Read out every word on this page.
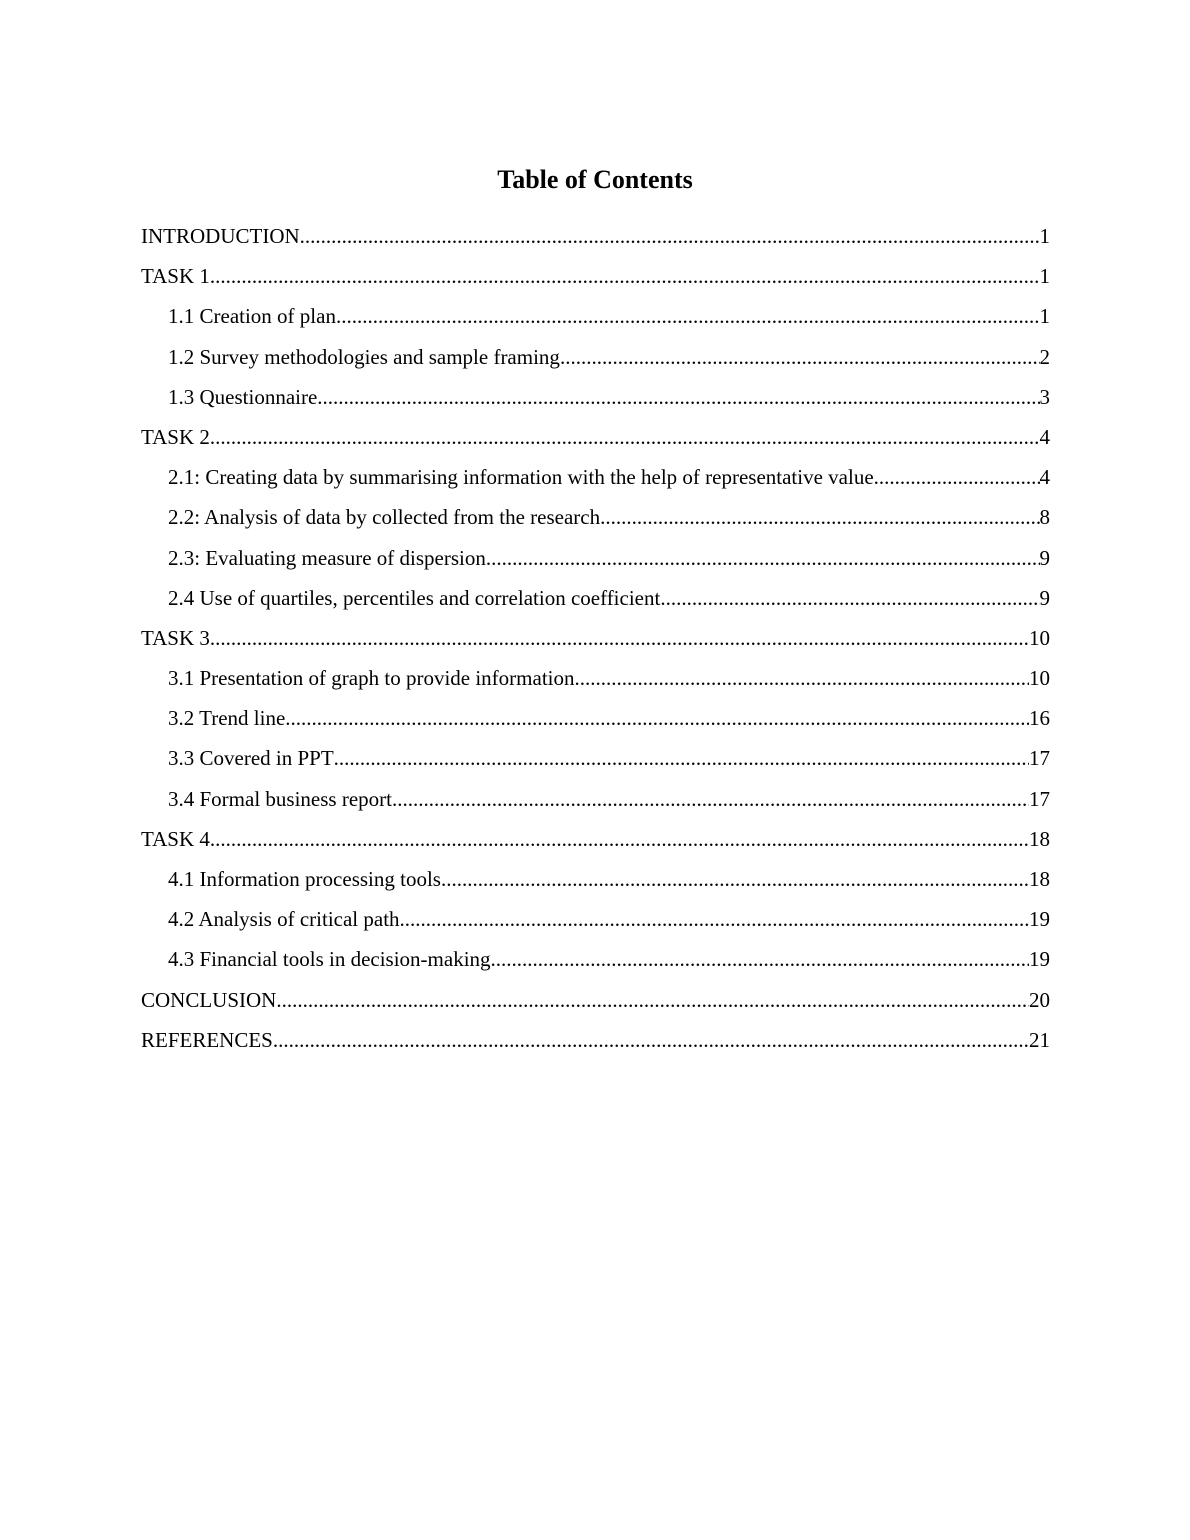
Table of Contents
INTRODUCTION .....	1
TASK 1 .....	1
1.1 Creation of plan .....	1
1.2 Survey methodologies and sample framing .....	2
1.3 Questionnaire .....	3
TASK 2 .....	4
2.1: Creating data by summarising information with the help of representative value .....	4
2.2: Analysis of data by collected from the research .....	8
2.3: Evaluating measure of dispersion .....	9
2.4 Use of quartiles, percentiles and correlation coefficient .....	9
TASK 3 .....	10
3.1 Presentation of graph to provide information .....	10
3.2 Trend line .....	16
3.3 Covered in PPT .....	17
3.4 Formal business report .....	17
TASK 4 .....	18
4.1 Information processing tools .....	18
4.2 Analysis of critical path .....	19
4.3 Financial tools in decision-making .....	19
CONCLUSION .....	20
REFERENCES .....	21
